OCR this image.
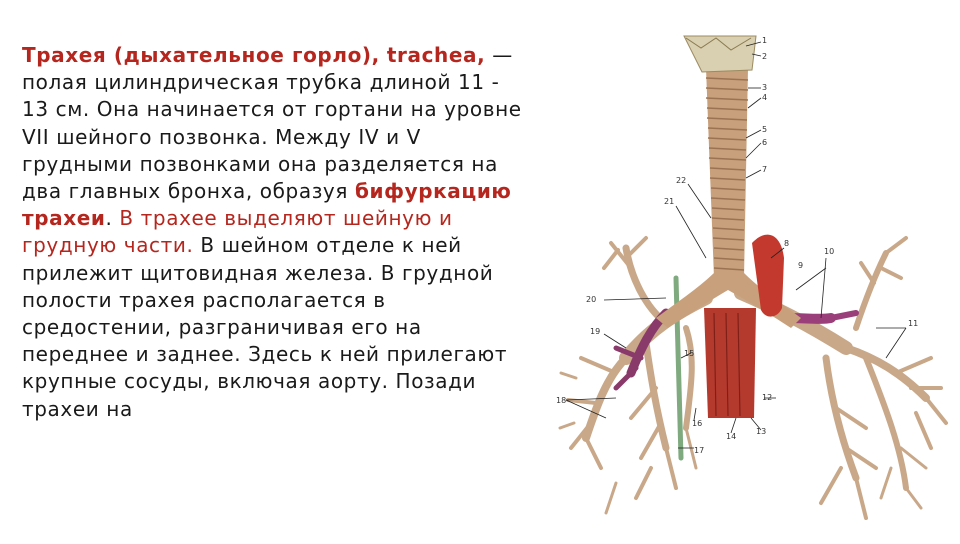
Трахея (дыхательное горло), trachea, — полая цилиндрическая трубка длиной 11 - 13 см. Она начинается от гортани на уровне VII шейного позвонка. Между IV и V грудными позвонками она разделяется на два главных бронха, образуя бифуркацию трахеи. В трахее выделяют шейную и грудную части. В шейном отделе к ней прилежит щитовидная железа. В грудной полости трахея располагается в средостении, разграничивая его на переднее и заднее. Здесь к ней прилегают крупные сосуды, включая аорту. Позади трахеи на
1
2
3
4
5
6
7
8
9
10
11
12
13
14
15
16
17
18
19
20
21
22
